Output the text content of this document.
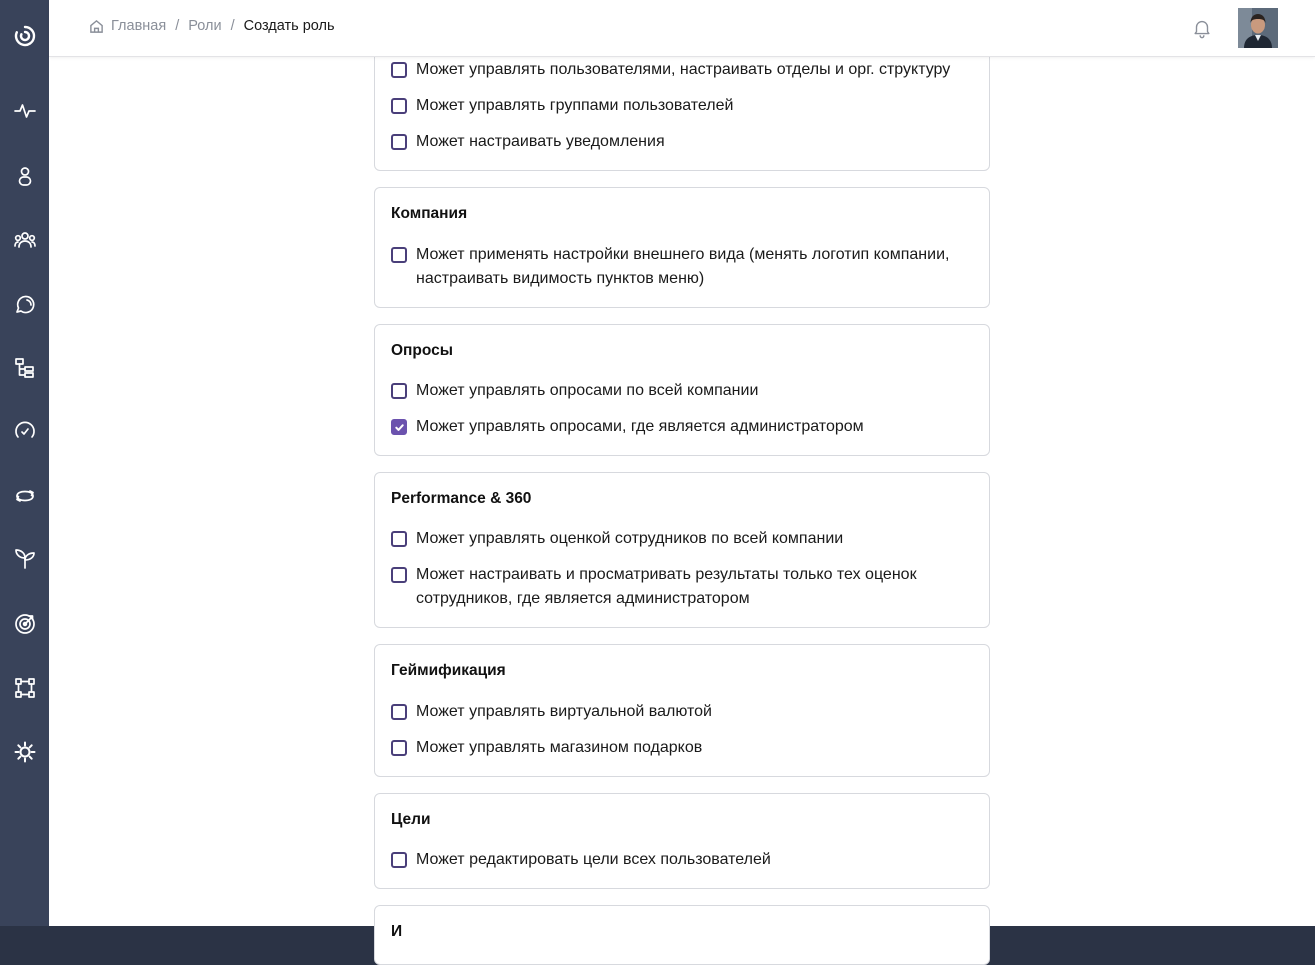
Главная / Роли / Создать роль
Может управлять пользователями, настраивать отделы и орг. структуру
Может управлять группами пользователей
Может настраивать уведомления
Компания
Может применять настройки внешнего вида (менять логотип компании, настраивать видимость пунктов меню)
Опросы
Может управлять опросами по всей компании
Может управлять опросами, где является администратором
Performance & 360
Может управлять оценкой сотрудников по всей компании
Может настраивать и просматривать результаты только тех оценок сотрудников, где является администратором
Геймификация
Может управлять виртуальной валютой
Может управлять магазином подарков
Цели
Может редактировать цели всех пользователей
И
